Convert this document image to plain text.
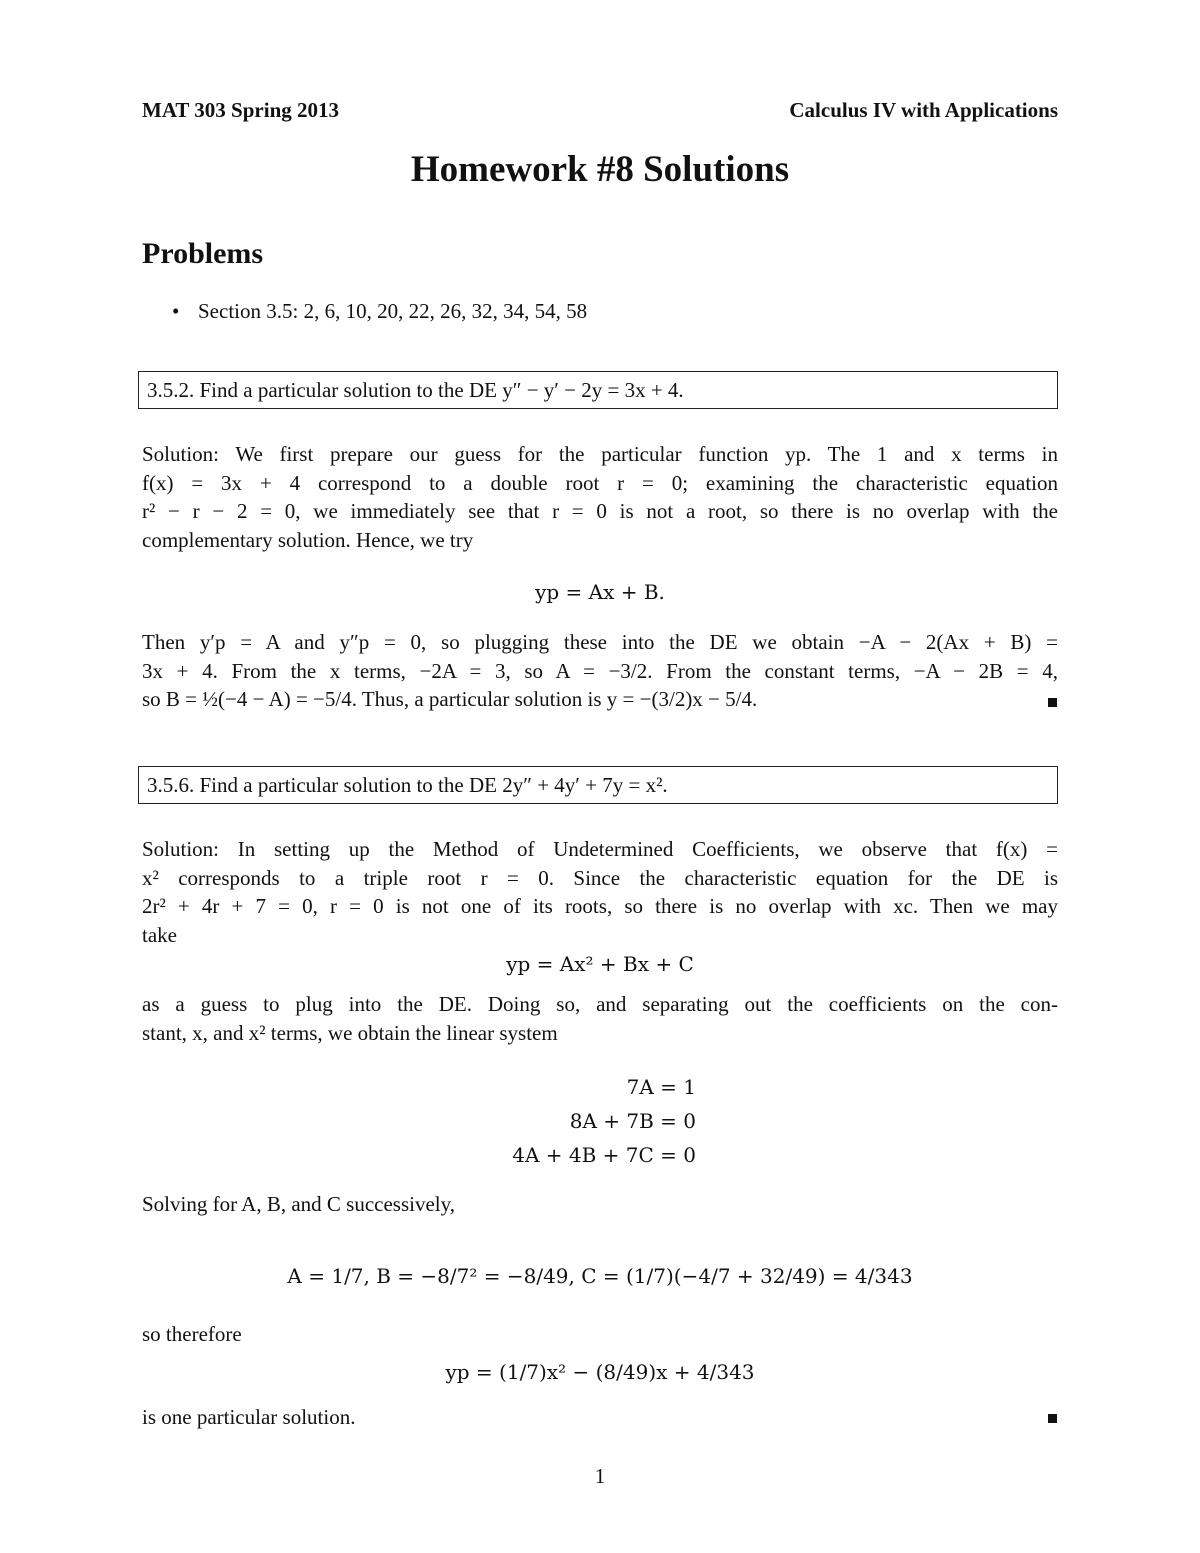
MAT 303 Spring 2013	Calculus IV with Applications
Homework #8 Solutions
Problems
• Section 3.5: 2, 6, 10, 20, 22, 26, 32, 34, 54, 58
3.5.2. Find a particular solution to the DE y″ − y′ − 2y = 3x + 4.
Solution: We first prepare our guess for the particular function yp. The 1 and x terms in
f(x) = 3x + 4 correspond to a double root r = 0; examining the characteristic equation
r² − r − 2 = 0, we immediately see that r = 0 is not a root, so there is no overlap with the
complementary solution. Hence, we try
yp = Ax + B.
Then y′p = A and y″p = 0, so plugging these into the DE we obtain −A − 2(Ax + B) =
3x + 4. From the x terms, −2A = 3, so A = −3/2. From the constant terms, −A − 2B = 4,
so B = ½(−4 − A) = −5/4. Thus, a particular solution is y = −(3/2)x − 5/4.
3.5.6. Find a particular solution to the DE 2y″ + 4y′ + 7y = x².
Solution: In setting up the Method of Undetermined Coefficients, we observe that f(x) =
x² corresponds to a triple root r = 0. Since the characteristic equation for the DE is
2r² + 4r + 7 = 0, r = 0 is not one of its roots, so there is no overlap with xc. Then we may
take
yp = Ax² + Bx + C
as a guess to plug into the DE. Doing so, and separating out the coefficients on the con-
stant, x, and x² terms, we obtain the linear system
7A = 1
8A + 7B = 0
4A + 4B + 7C = 0
Solving for A, B, and C successively,
A = 1/7, B = −8/7² = −8/49, C = (1/7)(−4/7 + 32/49) = 4/343
so therefore
yp = (1/7)x² − (8/49)x + 4/343
is one particular solution.
1
